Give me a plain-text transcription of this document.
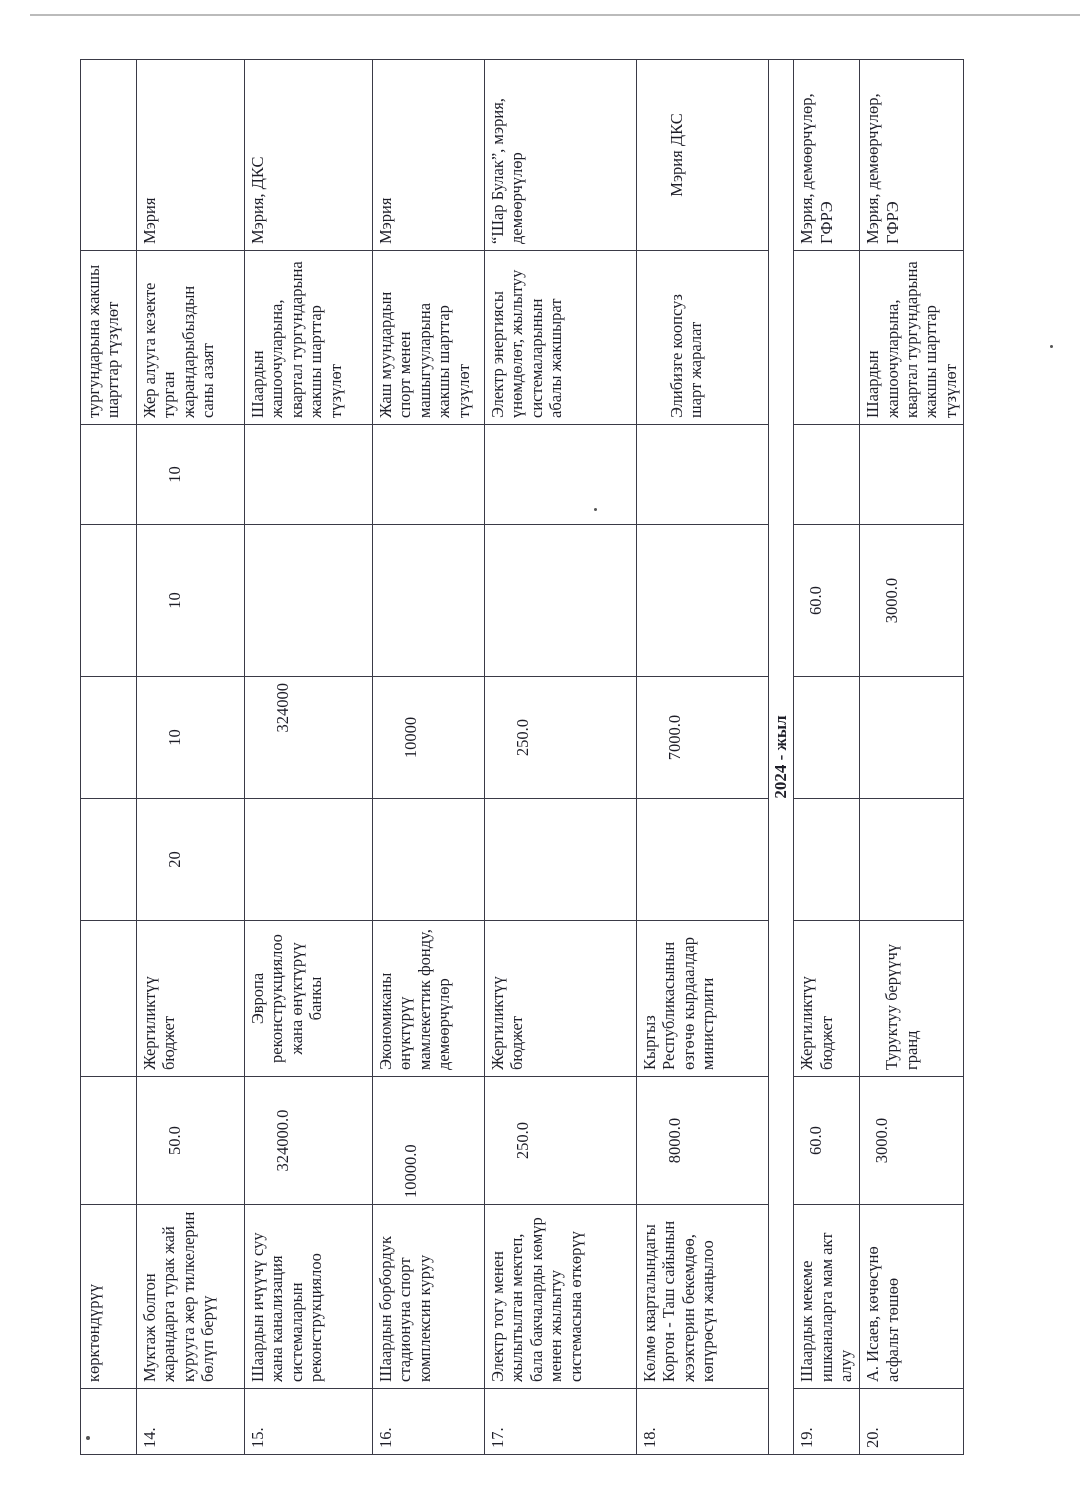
	көрктөндүрүү							тургундарына жакшы шарттар түзүлөт	
14.	Муктаж болгон жарандарга турак жай курууга жер тилкелерин бөлүп берүү	50.0	Жергиликтүү бюджет	20	10	10	10	Жер алууга кезекте турган жарандарыбыздын саны азаят	Мэрия
15.	Шаардын ичүүчү суу жана канализация системаларын реконструкциялоо	324000.0	Эвропа реконструкциялоо жана өнүктүрүү банкы		324000			Шаардын жашоочуларына, квартал тургундарына жакшы шарттар түзүлөт	Мэрия, ДКС
16.	Шаардын борбордук стадионуна спорт комплексин куруу	10000.0	Экономиканы өнүктүрүү мамлекеттик фонду, демөөрчүлөр		10000			Жаш муундардын спорт менен машыгууларына жакшы шарттар түзүлөт	Мэрия
17.	Электр тогу менен жылытылган мектеп, бала бакчаларды көмүр менен жылытуу системасына өткөрүү	250.0	Жергиликтүү бюджет		250.0			Электр энергиясы үнөмдөлөт, жылытуу системаларынын абалы жакшырат	“Шар Булак”, мэрия, демөөрчүлөр
18.	Көлмө кварталындагы Коргон - Таш сайынын жээктерин бекемдөө, көпүрөсүн жаңылоо	8000.0	Кыргыз Республикасынын өзгөчө кырдаалдар министрлиги		7000.0			Элибизге коопсуз шарт жаралат	Мэрия ДКС
2024 - жыл									
19.	Шаардык мекеме ишканаларга мам акт алуу	60.0	Жергиликтүү бюджет			60.0			Мэрия, демөөрчүлөр, ГФРЭ
20.	А. Исаев, көчөсүнө асфальт төшөө	3000.0	Туруктуу берүүчү гранд			3000.0		Шаардын жашоочуларына, квартал тургундарына жакшы шарттар түзүлөт	Мэрия, демөөрчүлөр, ГФРЭ
